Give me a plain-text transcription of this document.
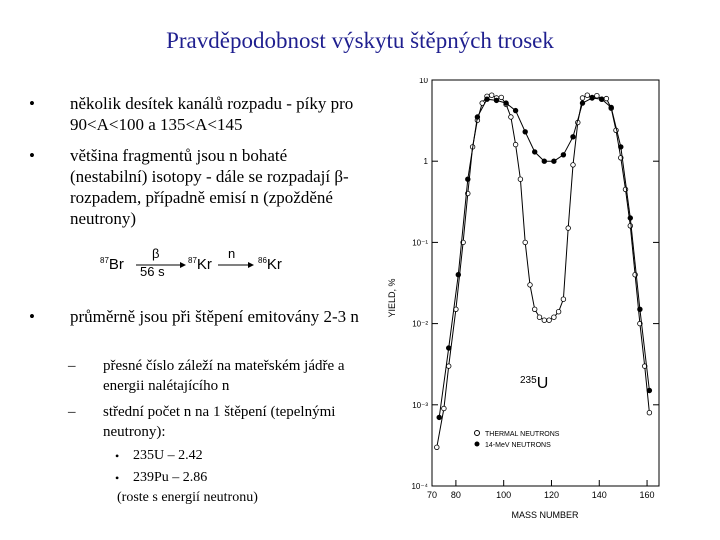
Pravděpodobnost výskytu štěpných trosek
• několik desítek kanálů rozpadu - píky pro 90<A<100 a 135<A<145
• většina fragmentů jsou n bohaté (nestabilní) isotopy - dále se rozpadají β-rozpadem, případně emisí n (zpožděné neutrony)
$^{87}$Br
β
56 s
$^{87}$Kr
n	$^{86}$Kr
• průměrně jsou při štěpení emitovány 2-3 n
– přesné číslo záleží na mateřském jádře a energii nalétajícího n
– střední počet n na 1 štěpení (tepelnými neutrony):
• 235U – 2.42
• 239Pu – 2.86
(roste s energií neutronu)
10
1
10⁻¹
10⁻²
10⁻³
10⁻⁴
70 80	100	120	140	160
YIELD, %
MASS NUMBER
$^{235}$U
THERMAL NEUTRONS
14-MeV NEUTRONS
